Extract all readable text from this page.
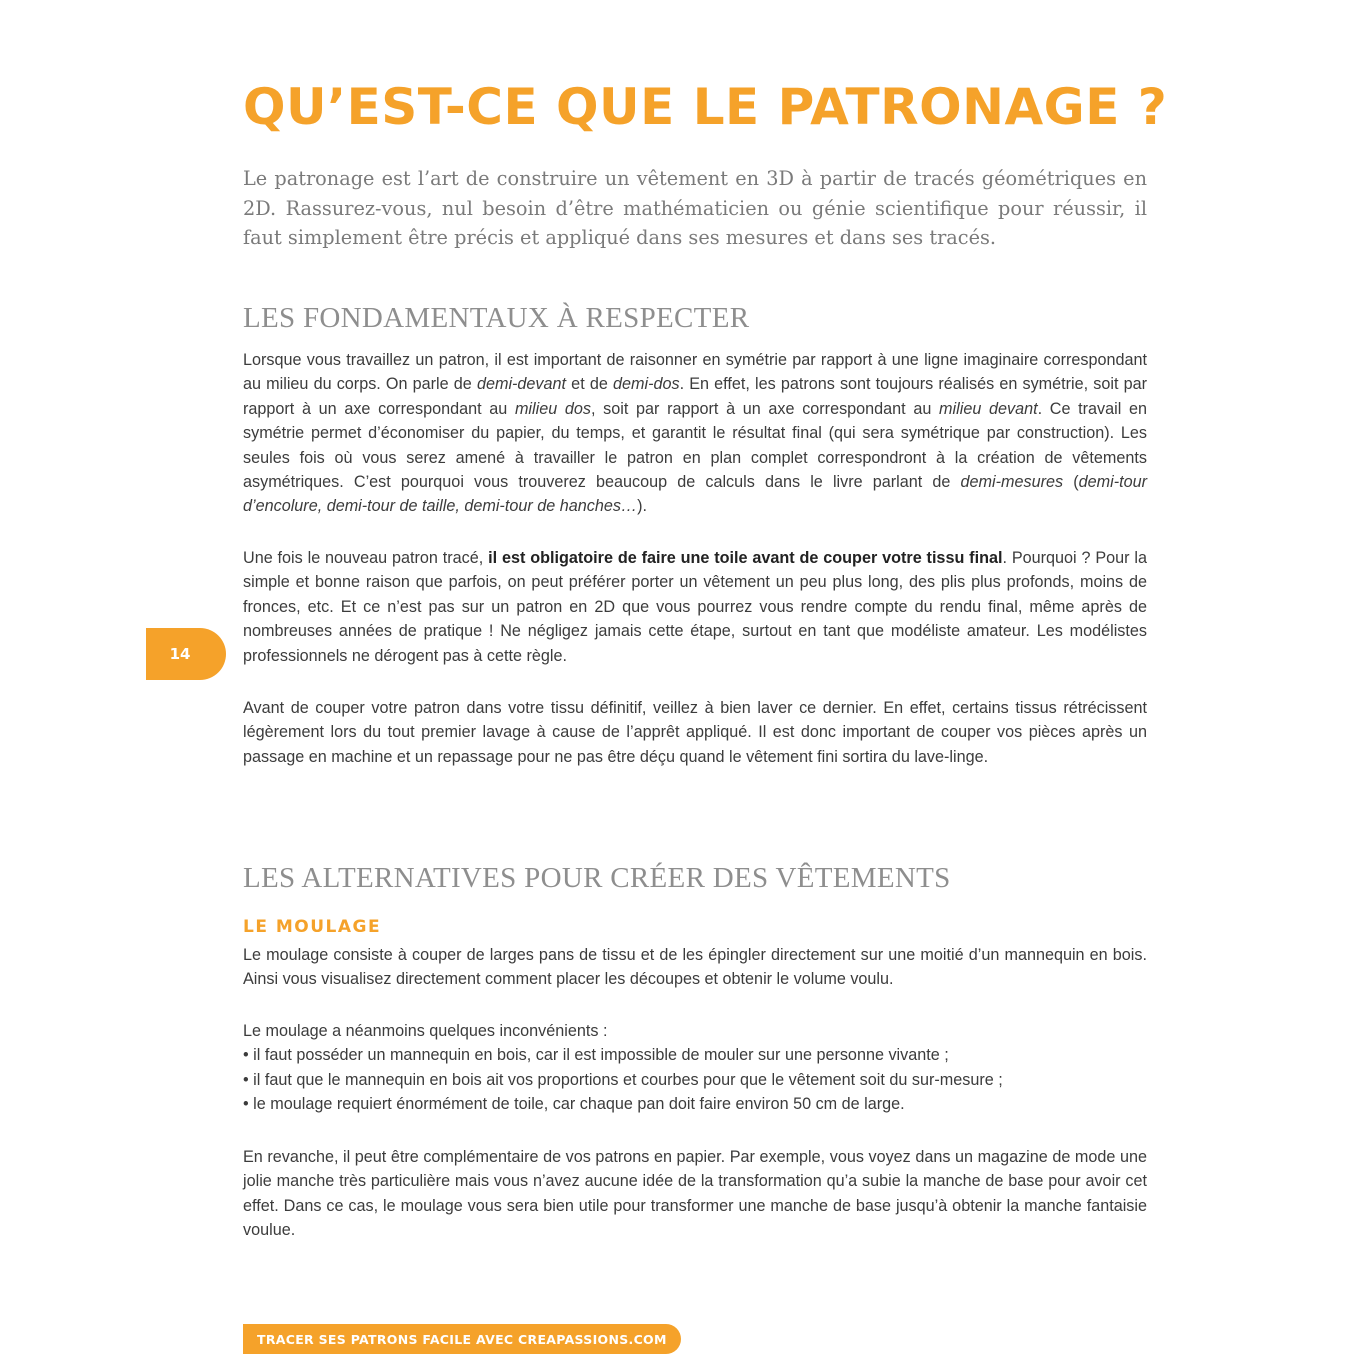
QU’EST-CE QUE LE PATRONAGE ?

Le patronage est l’art de construire un vêtement en 3D à partir de tracés géométriques en 2D. Rassurez-vous, nul besoin d’être mathématicien ou génie scientifique pour réussir, il faut simplement être précis et appliqué dans ses mesures et dans ses tracés.

LES FONDAMENTAUX À RESPECTER

Lorsque vous travaillez un patron, il est important de raisonner en symétrie par rapport à une ligne imaginaire correspondant au milieu du corps. On parle de demi-devant et de demi-dos. En effet, les patrons sont toujours réalisés en symétrie, soit par rapport à un axe correspondant au milieu dos, soit par rapport à un axe correspondant au milieu devant. Ce travail en symétrie permet d’économiser du papier, du temps, et garantit le résultat final (qui sera symétrique par construction). Les seules fois où vous serez amené à travailler le patron en plan complet correspondront à la création de vêtements asymétriques. C’est pourquoi vous trouverez beaucoup de calculs dans le livre parlant de demi-mesures (demi-tour d’encolure, demi-tour de taille, demi-tour de hanches…).

Une fois le nouveau patron tracé, il est obligatoire de faire une toile avant de couper votre tissu final. Pourquoi ? Pour la simple et bonne raison que parfois, on peut préférer porter un vêtement un peu plus long, des plis plus profonds, moins de fronces, etc. Et ce n’est pas sur un patron en 2D que vous pourrez vous rendre compte du rendu final, même après de nombreuses années de pratique ! Ne négligez jamais cette étape, surtout en tant que modéliste amateur. Les modélistes professionnels ne dérogent pas à cette règle.

Avant de couper votre patron dans votre tissu définitif, veillez à bien laver ce dernier. En effet, certains tissus rétrécissent légèrement lors du tout premier lavage à cause de l’apprêt appliqué. Il est donc important de couper vos pièces après un passage en machine et un repassage pour ne pas être déçu quand le vêtement fini sortira du lave-linge.

LES ALTERNATIVES POUR CRÉER DES VÊTEMENTS
LE MOULAGE

Le moulage consiste à couper de larges pans de tissu et de les épingler directement sur une moitié d’un mannequin en bois. Ainsi vous visualisez directement comment placer les découpes et obtenir le volume voulu.

Le moulage a néanmoins quelques inconvénients :
• il faut posséder un mannequin en bois, car il est impossible de mouler sur une personne vivante ;
• il faut que le mannequin en bois ait vos proportions et courbes pour que le vêtement soit du sur-mesure ;
• le moulage requiert énormément de toile, car chaque pan doit faire environ 50 cm de large.

En revanche, il peut être complémentaire de vos patrons en papier. Par exemple, vous voyez dans un magazine de mode une jolie manche très particulière mais vous n’avez aucune idée de la transformation qu’a subie la manche de base pour avoir cet effet. Dans ce cas, le moulage vous sera bien utile pour transformer une manche de base jusqu’à obtenir la manche fantaisie voulue.

14
TRACER SES PATRONS FACILE AVEC CREAPASSIONS.COM
